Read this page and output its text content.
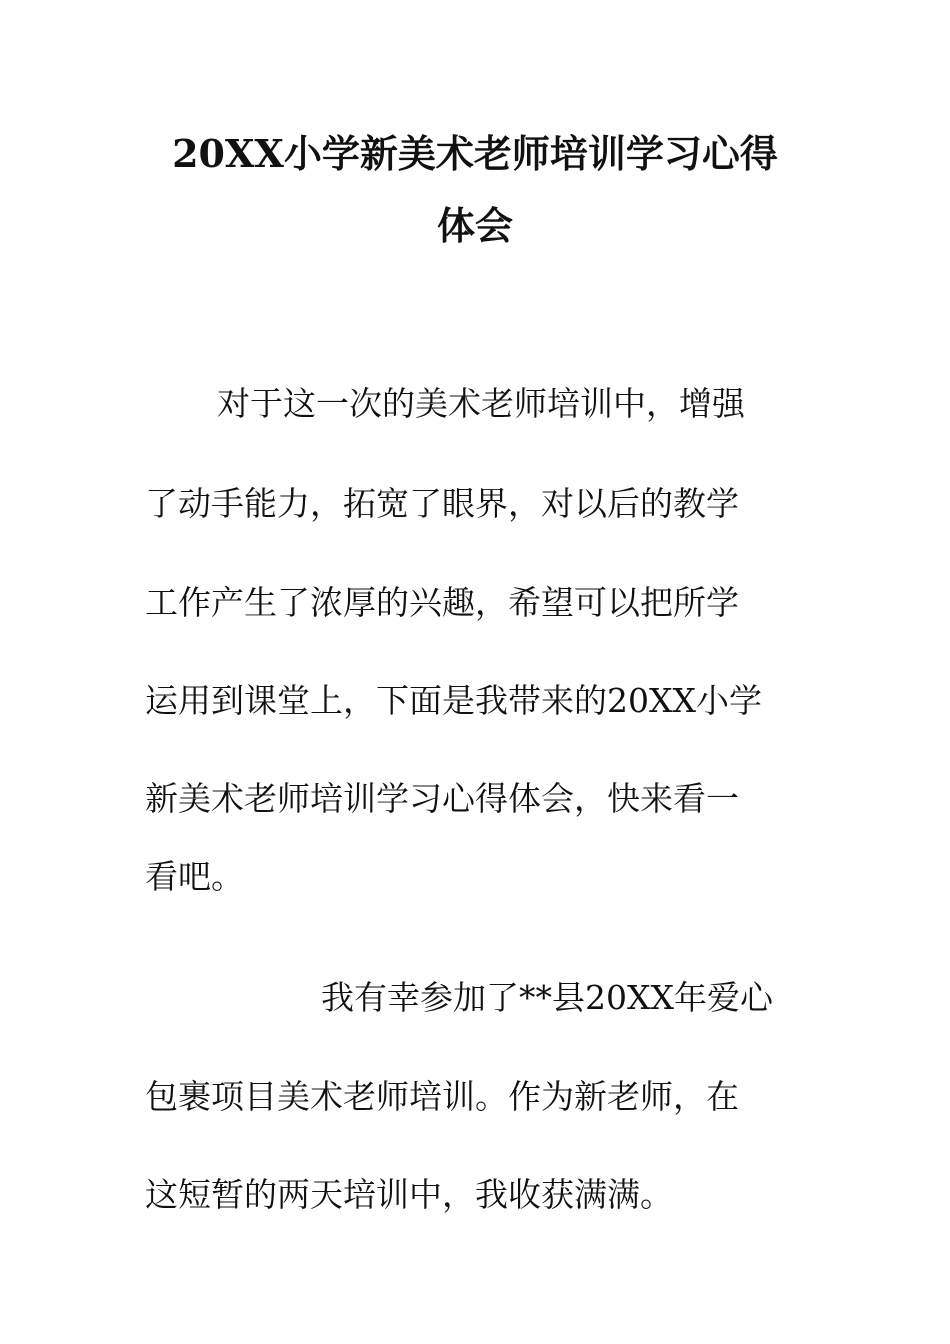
20XX小学新美术老师培训学习心得
体会
对于这一次的美术老师培训中，增强
了动手能力，拓宽了眼界，对以后的教学
工作产生了浓厚的兴趣，希望可以把所学
运用到课堂上，下面是我带来的20XX小学
新美术老师培训学习心得体会，快来看一
看吧。
我有幸参加了**县20XX年爱心
包裹项目美术老师培训。作为新老师，在
这短暂的两天培训中，我收获满满。
